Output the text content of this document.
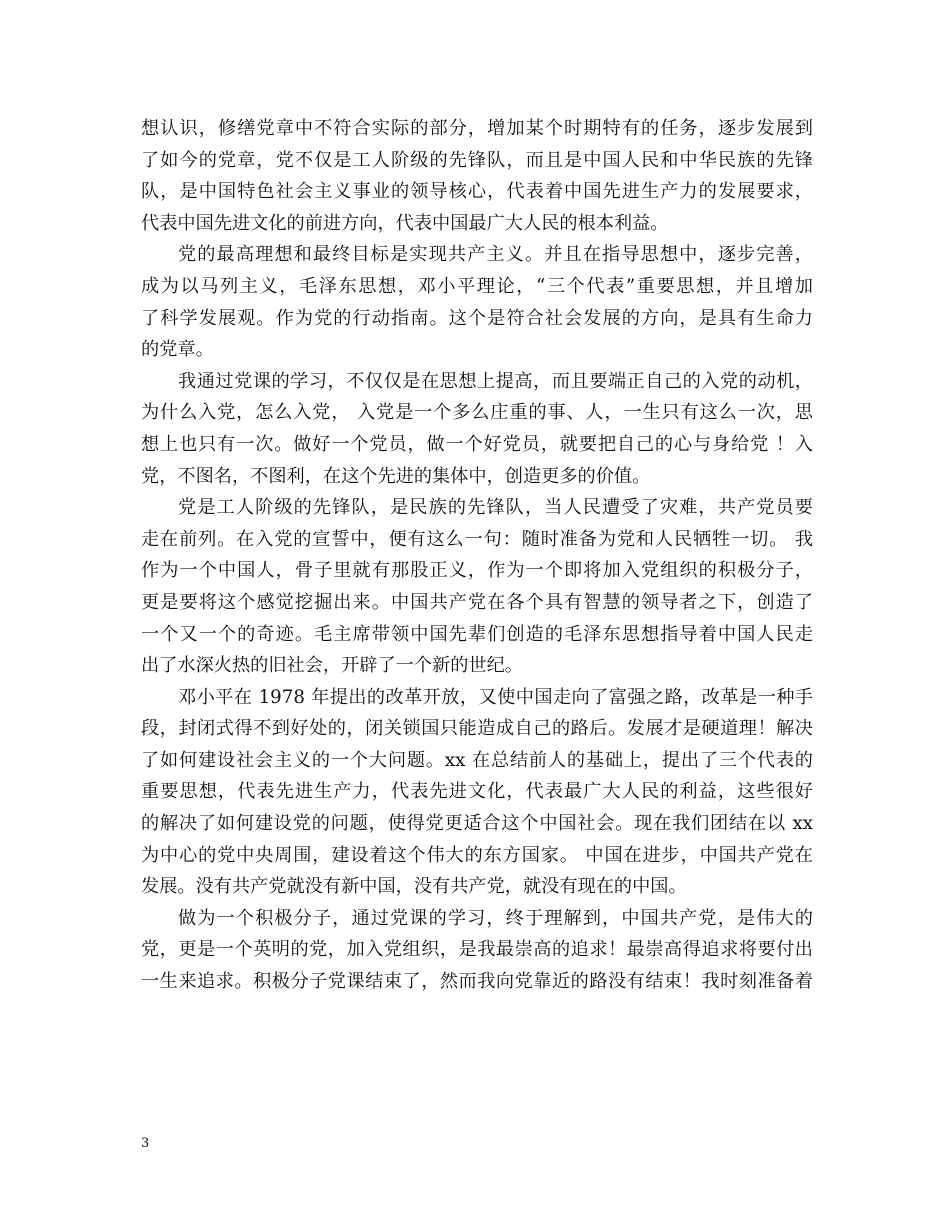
想认识，修缮党章中不符合实际的部分，增加某个时期特有的任务，逐步发展到
了如今的党章，党不仅是工人阶级的先锋队，而且是中国人民和中华民族的先锋
队，是中国特色社会主义事业的领导核心，代表着中国先进生产力的发展要求，
代表中国先进文化的前进方向，代表中国最广大人民的根本利益。
党的最高理想和最终目标是实现共产主义。并且在指导思想中，逐步完善，
成为以马列主义，毛泽东思想，邓小平理论，“三个代表”重要思想，并且增加
了科学发展观。作为党的行动指南。这个是符合社会发展的方向，是具有生命力
的党章。
我通过党课的学习，不仅仅是在思想上提高，而且要端正自己的入党的动机，
为什么入党，怎么入党， 入党是一个多么庄重的事、人，一生只有这么一次，思
想上也只有一次。做好一个党员，做一个好党员，就要把自己的心与身给党 ！入
党，不图名，不图利，在这个先进的集体中，创造更多的价值。
党是工人阶级的先锋队，是民族的先锋队，当人民遭受了灾难，共产党员要
走在前列。在入党的宣誓中，便有这么一句：随时准备为党和人民牺牲一切。 我
作为一个中国人，骨子里就有那股正义，作为一个即将加入党组织的积极分子，
更是要将这个感觉挖掘出来。中国共产党在各个具有智慧的领导者之下，创造了
一个又一个的奇迹。毛主席带领中国先辈们创造的毛泽东思想指导着中国人民走
出了水深火热的旧社会，开辟了一个新的世纪。
邓小平在 1978 年提出的改革开放，又使中国走向了富强之路，改革是一种手
段，封闭式得不到好处的，闭关锁国只能造成自己的路后。发展才是硬道理！解决
了如何建设社会主义的一个大问题。xx 在总结前人的基础上，提出了三个代表的
重要思想，代表先进生产力，代表先进文化，代表最广大人民的利益，这些很好
的解决了如何建设党的问题，使得党更适合这个中国社会。现在我们团结在以 xx
为中心的党中央周围，建设着这个伟大的东方国家。 中国在进步，中国共产党在
发展。没有共产党就没有新中国，没有共产党，就没有现在的中国。
做为一个积极分子，通过党课的学习，终于理解到，中国共产党，是伟大的
党，更是一个英明的党，加入党组织，是我最崇高的追求！最崇高得追求将要付出
一生来追求。积极分子党课结束了，然而我向党靠近的路没有结束！我时刻准备着
3
